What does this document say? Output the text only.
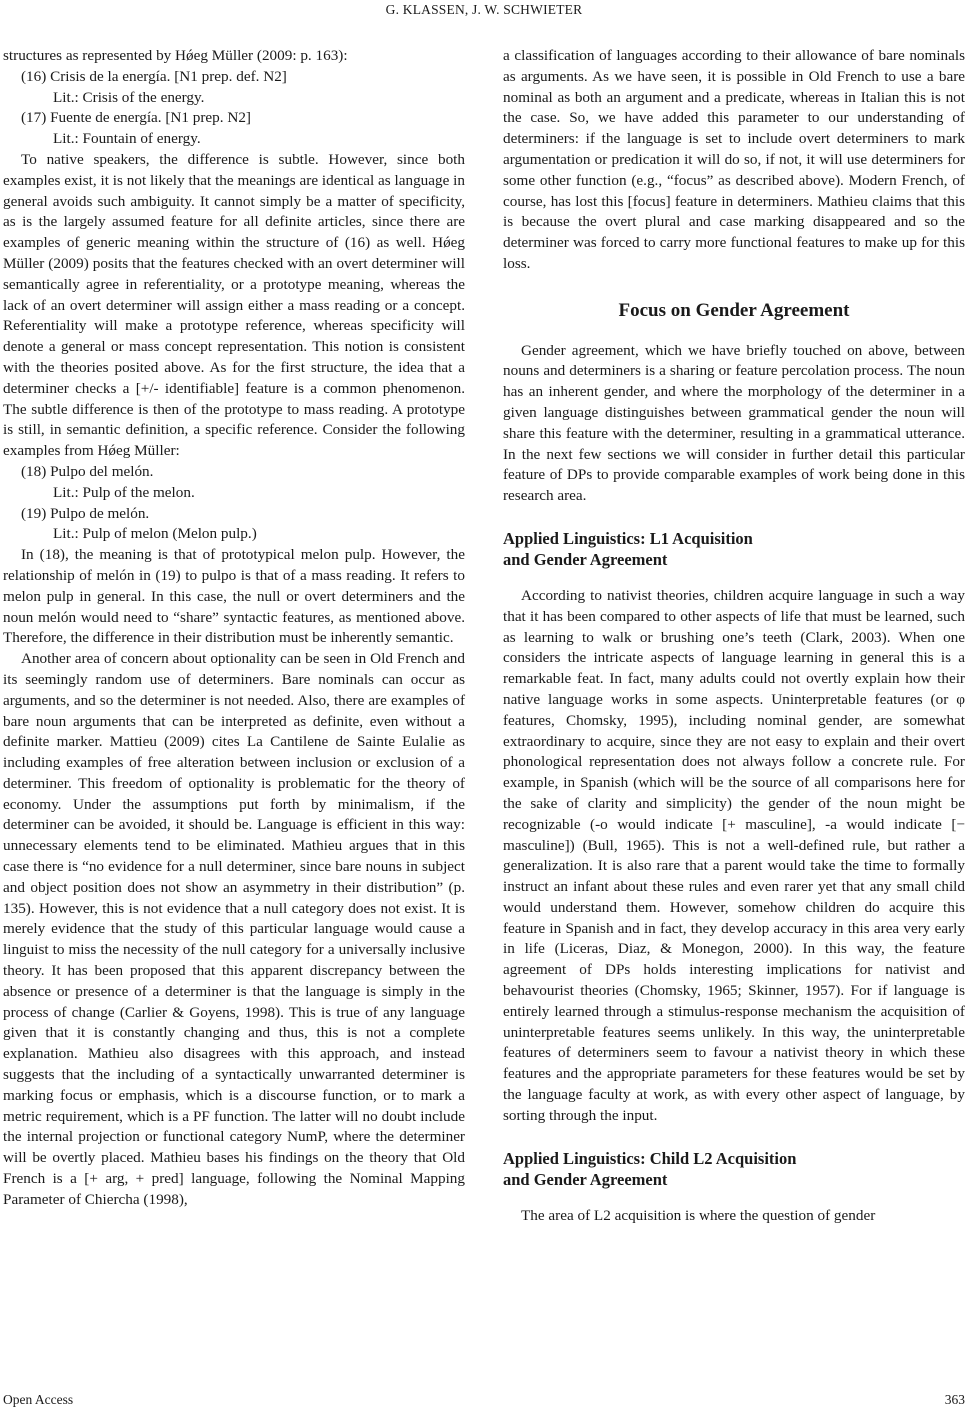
G. KLASSEN, J. W. SCHWIETER

structures as represented by Hǿeg Müller (2009: p. 163):

(16) Crisis de la energía. [N1 prep. def. N2]

Lit.: Crisis of the energy.

(17) Fuente de energía. [N1 prep. N2]

Lit.: Fountain of energy.

To native speakers, the difference is subtle. However, since both examples exist, it is not likely that the meanings are identical as language in general avoids such ambiguity. It cannot simply be a matter of specificity, as is the largely assumed feature for all definite articles, since there are examples of generic meaning within the structure of (16) as well. Hǿeg Müller (2009) posits that the features checked with an overt determiner will semantically agree in referentiality, or a prototype meaning, whereas the lack of an overt determiner will assign either a mass reading or a concept. Referentiality will make a prototype reference, whereas specificity will denote a general or mass concept representation. This notion is consistent with the theories posited above. As for the first structure, the idea that a determiner checks a [+/- identifiable] feature is a common phenomenon. The subtle difference is then of the prototype to mass reading. A prototype is still, in semantic definition, a specific reference. Consider the following examples from Hǿeg Müller:

(18) Pulpo del melón.

Lit.: Pulp of the melon.

(19) Pulpo de melón.

Lit.: Pulp of melon (Melon pulp.)

In (18), the meaning is that of prototypical melon pulp. However, the relationship of melón in (19) to pulpo is that of a mass reading. It refers to melon pulp in general. In this case, the null or overt determiners and the noun melón would need to “share” syntactic features, as mentioned above. Therefore, the difference in their distribution must be inherently semantic.

Another area of concern about optionality can be seen in Old French and its seemingly random use of determiners. Bare nominals can occur as arguments, and so the determiner is not needed. Also, there are examples of bare noun arguments that can be interpreted as definite, even without a definite marker. Mattieu (2009) cites La Cantilene de Sainte Eulalie as including examples of free alteration between inclusion or exclusion of a determiner. This freedom of optionality is problematic for the theory of economy. Under the assumptions put forth by minimalism, if the determiner can be avoided, it should be. Language is efficient in this way: unnecessary elements tend to be eliminated. Mathieu argues that in this case there is “no evidence for a null determiner, since bare nouns in subject and object position does not show an asymmetry in their distribution” (p. 135). However, this is not evidence that a null category does not exist. It is merely evidence that the study of this particular language would cause a linguist to miss the necessity of the null category for a universally inclusive theory. It has been proposed that this apparent discrepancy between the absence or presence of a determiner is that the language is simply in the process of change (Carlier & Goyens, 1998). This is true of any language given that it is constantly changing and thus, this is not a complete explanation. Mathieu also disagrees with this approach, and instead suggests that the including of a syntactically unwarranted determiner is marking focus or emphasis, which is a discourse function, or to mark a metric requirement, which is a PF function. The latter will no doubt include the internal projection or functional category NumP, where the determiner will be overtly placed. Mathieu bases his findings on the theory that Old French is a [+ arg, + pred] language, following the Nominal Mapping Parameter of Chiercha (1998),

a classification of languages according to their allowance of bare nominals as arguments. As we have seen, it is possible in Old French to use a bare nominal as both an argument and a predicate, whereas in Italian this is not the case. So, we have added this parameter to our understanding of determiners: if the language is set to include overt determiners to mark argumentation or predication it will do so, if not, it will use determiners for some other function (e.g., “focus” as described above). Modern French, of course, has lost this [focus] feature in determiners. Mathieu claims that this is because the overt plural and case marking disappeared and so the determiner was forced to carry more functional features to make up for this loss.

Focus on Gender Agreement

Gender agreement, which we have briefly touched on above, between nouns and determiners is a sharing or feature percolation process. The noun has an inherent gender, and where the morphology of the determiner in a given language distinguishes between grammatical gender the noun will share this feature with the determiner, resulting in a grammatical utterance. In the next few sections we will consider in further detail this particular feature of DPs to provide comparable examples of work being done in this research area.

Applied Linguistics: L1 Acquisition
and Gender Agreement

According to nativist theories, children acquire language in such a way that it has been compared to other aspects of life that must be learned, such as learning to walk or brushing one’s teeth (Clark, 2003). When one considers the intricate aspects of language learning in general this is a remarkable feat. In fact, many adults could not overtly explain how their native language works in some aspects. Uninterpretable features (or φ features, Chomsky, 1995), including nominal gender, are somewhat extraordinary to acquire, since they are not easy to explain and their overt phonological representation does not always follow a concrete rule. For example, in Spanish (which will be the source of all comparisons here for the sake of clarity and simplicity) the gender of the noun might be recognizable (-o would indicate [+ masculine], -a would indicate [− masculine]) (Bull, 1965). This is not a well-defined rule, but rather a generalization. It is also rare that a parent would take the time to formally instruct an infant about these rules and even rarer yet that any small child would understand them. However, somehow children do acquire this feature in Spanish and in fact, they develop accuracy in this area very early in life (Liceras, Diaz, & Monegon, 2000). In this way, the feature agreement of DPs holds interesting implications for nativist and behavourist theories (Chomsky, 1965; Skinner, 1957). For if language is entirely learned through a stimulus-response mechanism the acquisition of uninterpretable features seems unlikely. In this way, the uninterpretable features of determiners seem to favour a nativist theory in which these features and the appropriate parameters for these features would be set by the language faculty at work, as with every other aspect of language, by sorting through the input.

Applied Linguistics: Child L2 Acquisition
and Gender Agreement

The area of L2 acquisition is where the question of gender

Open Access	363
